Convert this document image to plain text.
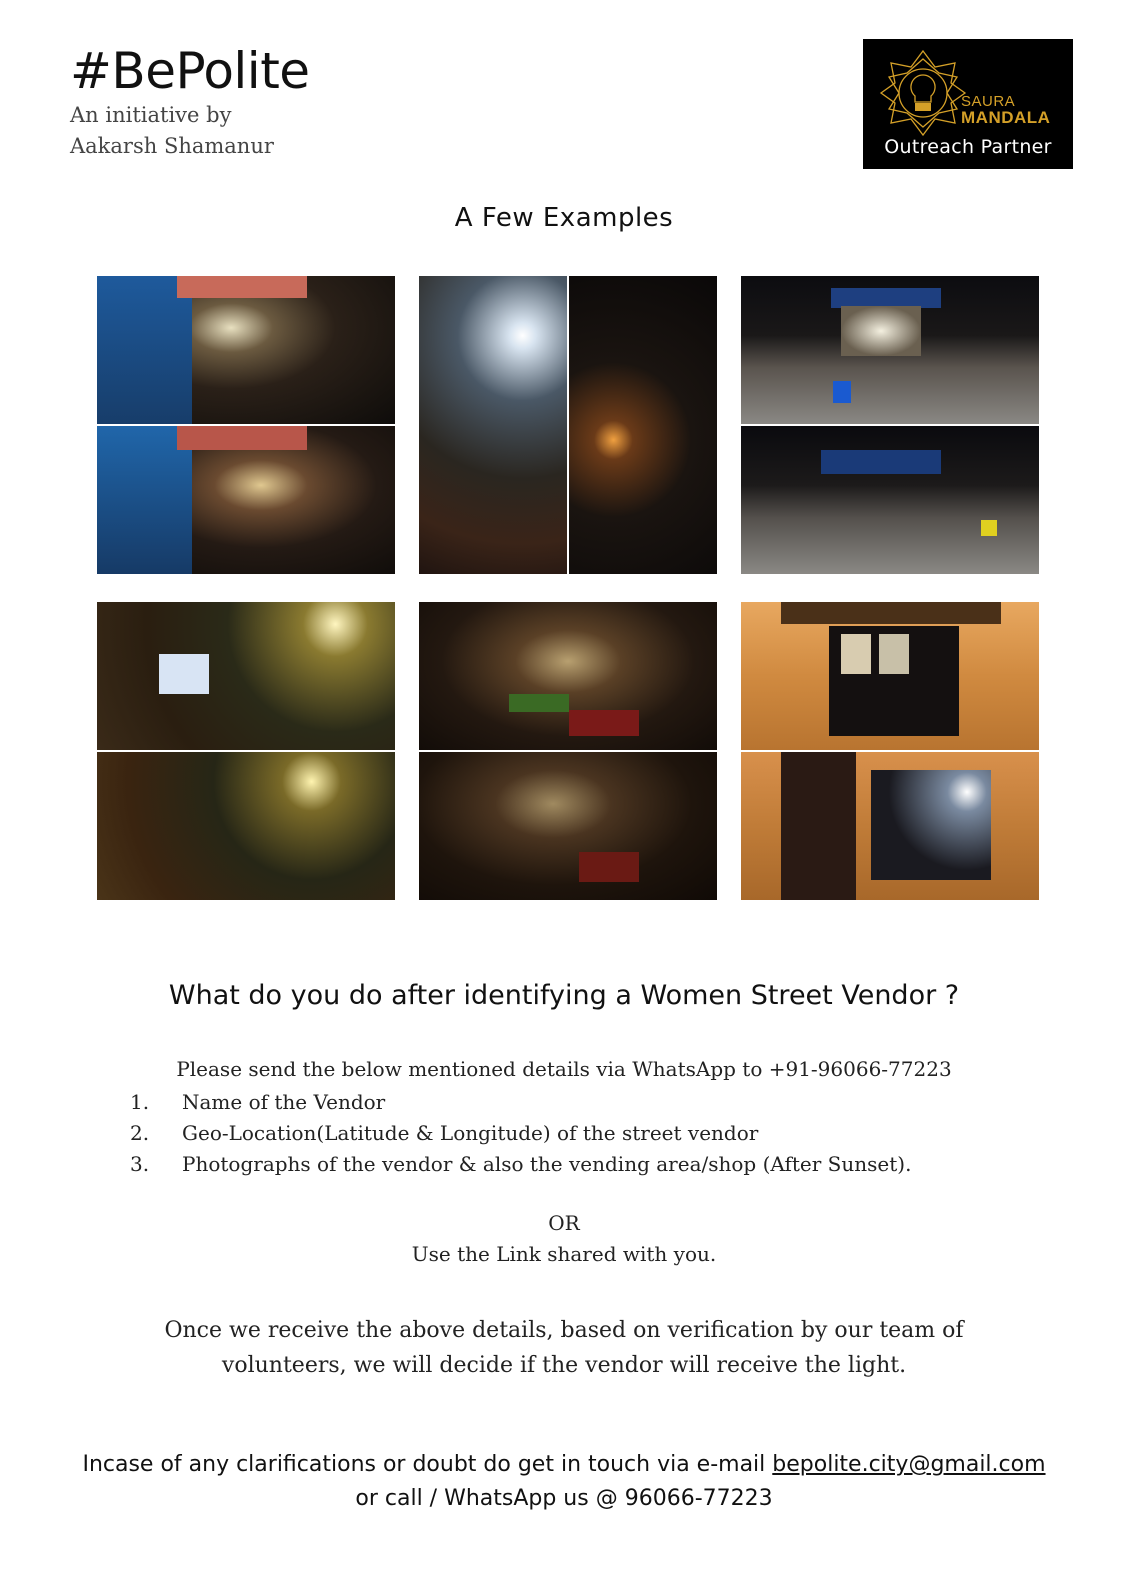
#BePolite
An initiative by
Aakarsh Shamanur
SAURA
MANDALA
Outreach Partner
A Few Examples
What do you do after identifying a Women Street Vendor ?
Please send the below mentioned details via WhatsApp to +91-96066-77223
1. Name of the Vendor
2. Geo-Location(Latitude & Longitude) of the street vendor
3. Photographs of the vendor & also the vending area/shop (After Sunset).
OR
Use the Link shared with you.
Once we receive the above details, based on verification by our team of
volunteers, we will decide if the vendor will receive the light.
Incase of any clarifications or doubt do get in touch via e-mail bepolite.city@gmail.com
or call / WhatsApp us @ 96066-77223
